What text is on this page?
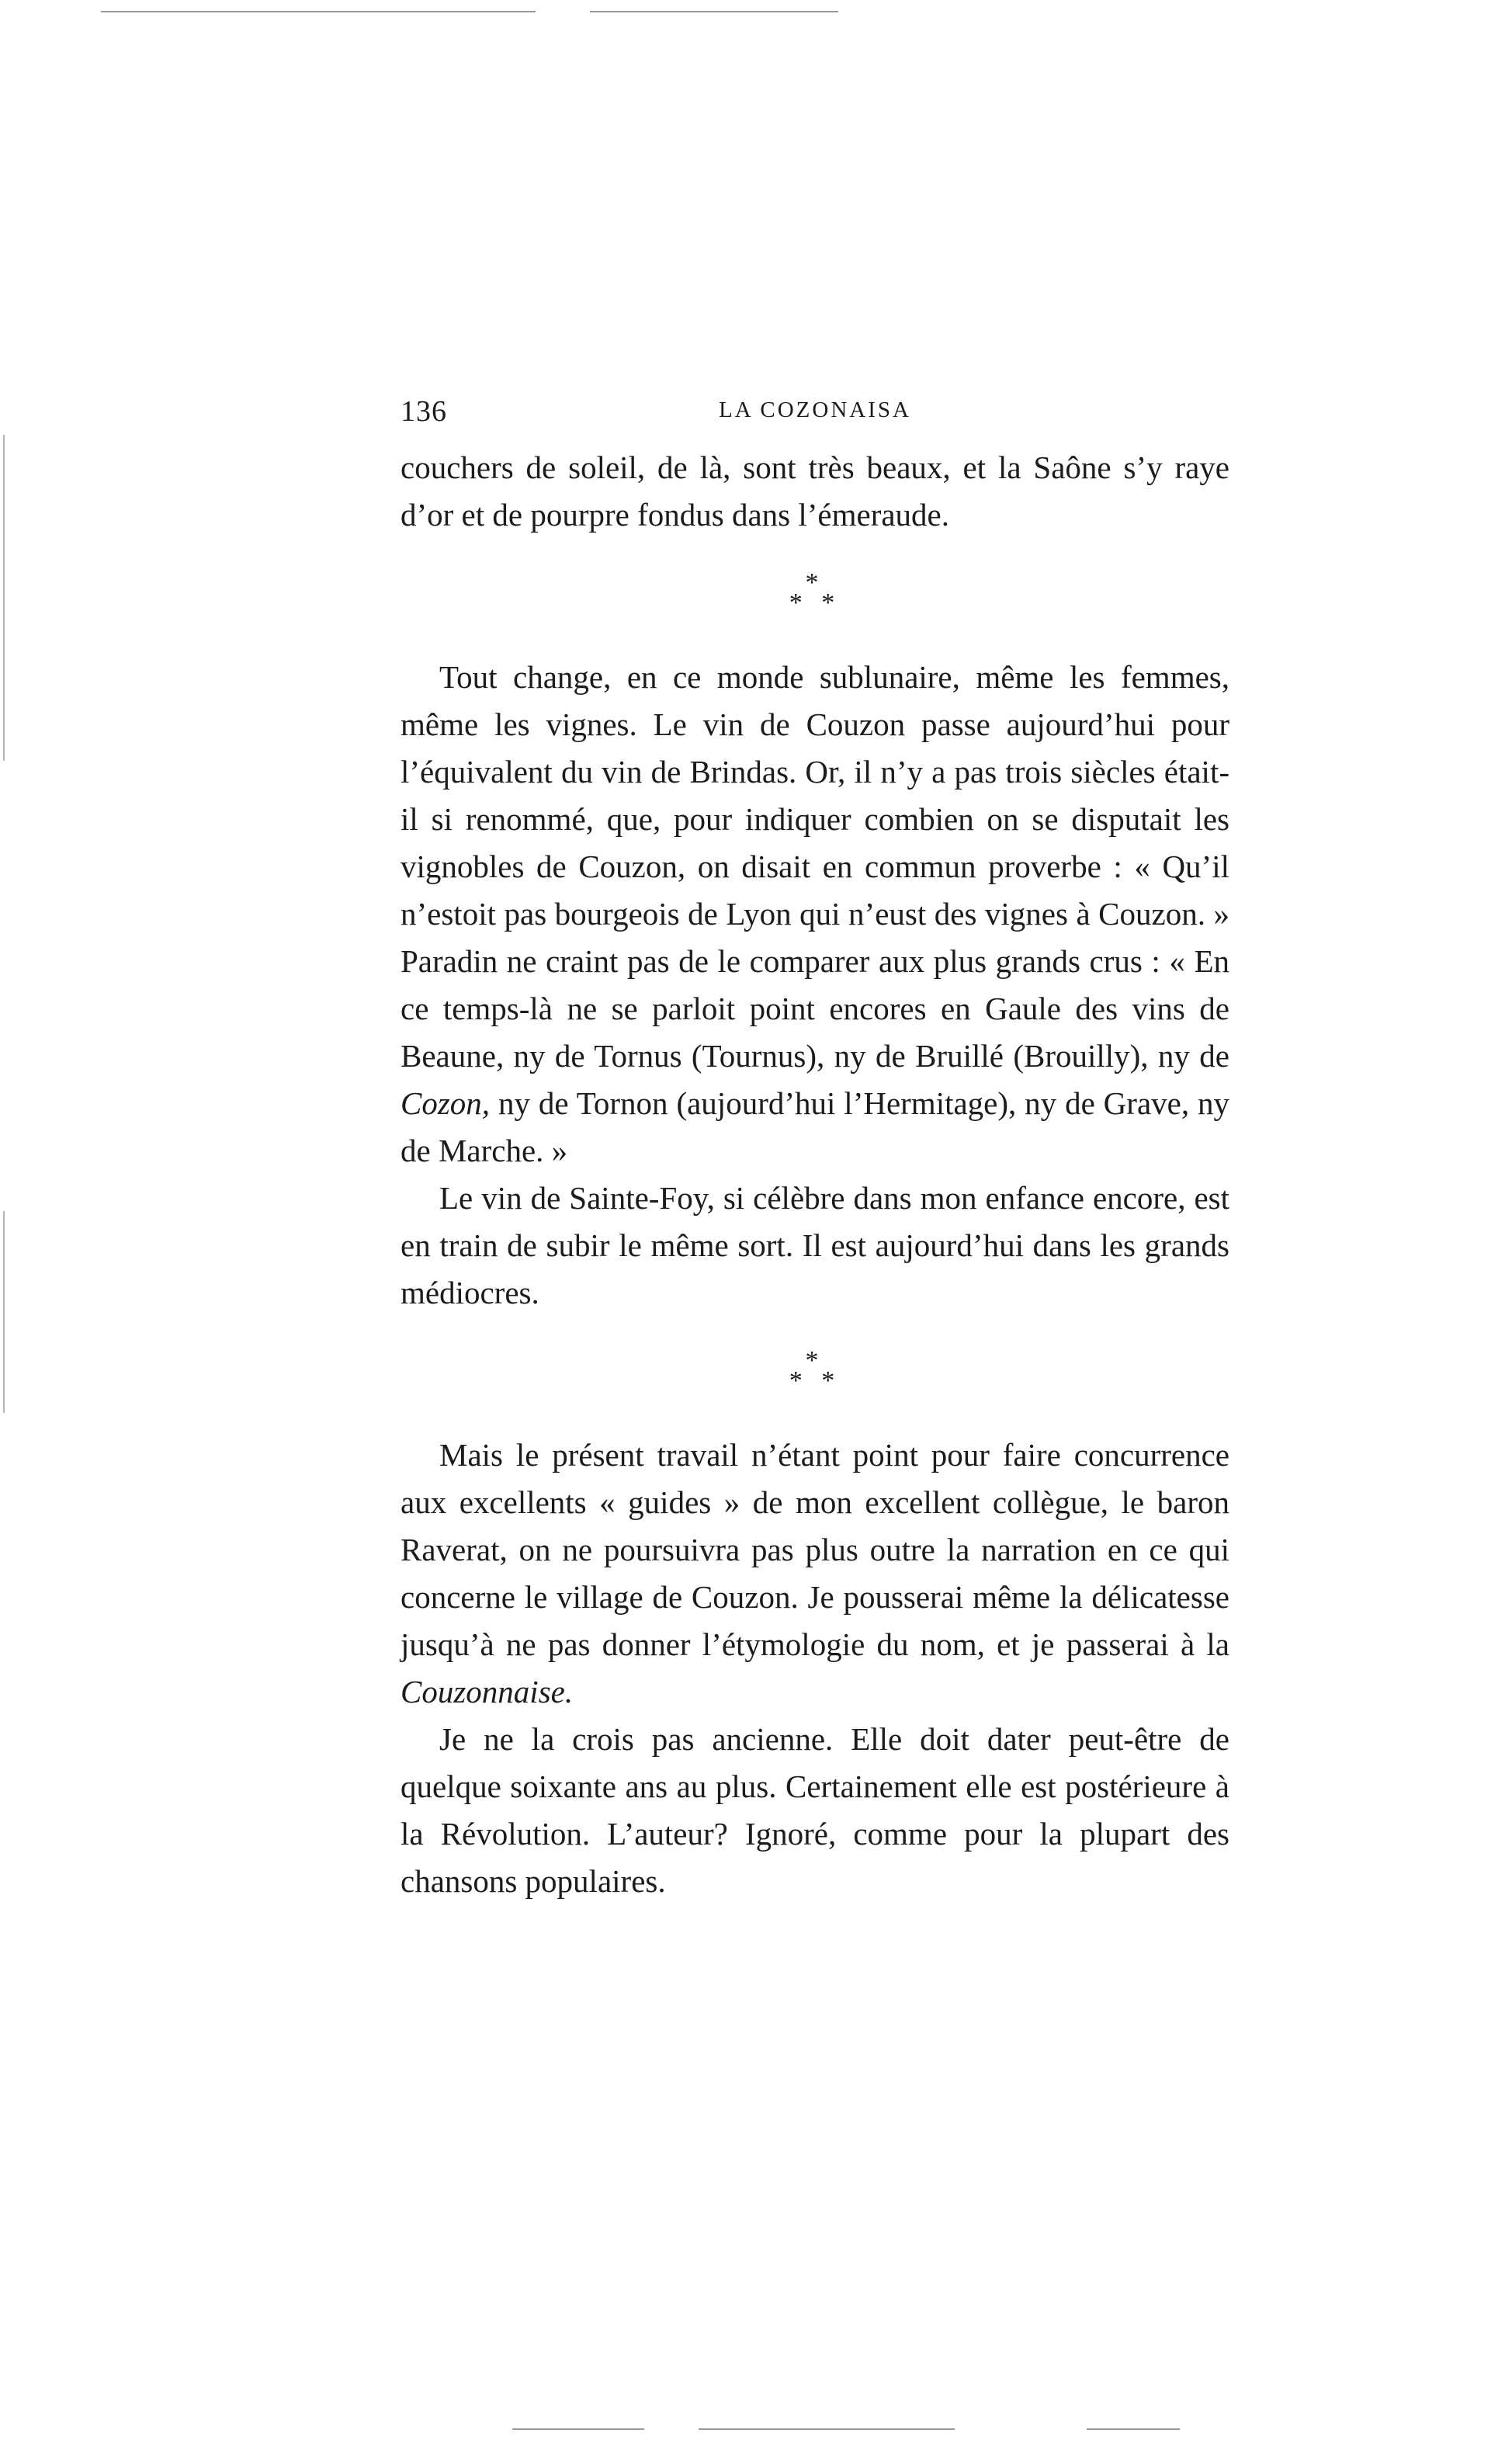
136	LA COZONAISA

couchers de soleil, de là, sont très beaux, et la Saône s’y raye d’or et de pourpre fondus dans l’émeraude.

*
* *

Tout change, en ce monde sublunaire, même les femmes, même les vignes. Le vin de Couzon passe aujourd’hui pour l’équivalent du vin de Brindas. Or, il n’y a pas trois siècles était-il si renommé, que, pour indiquer combien on se disputait les vignobles de Couzon, on disait en commun proverbe : « Qu’il n’estoit pas bourgeois de Lyon qui n’eust des vignes à Couzon. » Paradin ne craint pas de le comparer aux plus grands crus : « En ce temps-là ne se parloit point encores en Gaule des vins de Beaune, ny de Tornus (Tournus), ny de Bruillé (Brouilly), ny de Cozon, ny de Tornon (aujourd’hui l’Hermitage), ny de Grave, ny de Marche. »

Le vin de Sainte-Foy, si célèbre dans mon enfance encore, est en train de subir le même sort. Il est aujourd’hui dans les grands médiocres.

*
* *

Mais le présent travail n’étant point pour faire concurrence aux excellents « guides » de mon excellent collègue, le baron Raverat, on ne poursuivra pas plus outre la narration en ce qui concerne le village de Couzon. Je pousserai même la délicatesse jusqu’à ne pas donner l’étymologie du nom, et je passerai à la Couzonnaise.

Je ne la crois pas ancienne. Elle doit dater peut-être de quelque soixante ans au plus. Certainement elle est postérieure à la Révolution. L’auteur? Ignoré, comme pour la plupart des chansons populaires.
